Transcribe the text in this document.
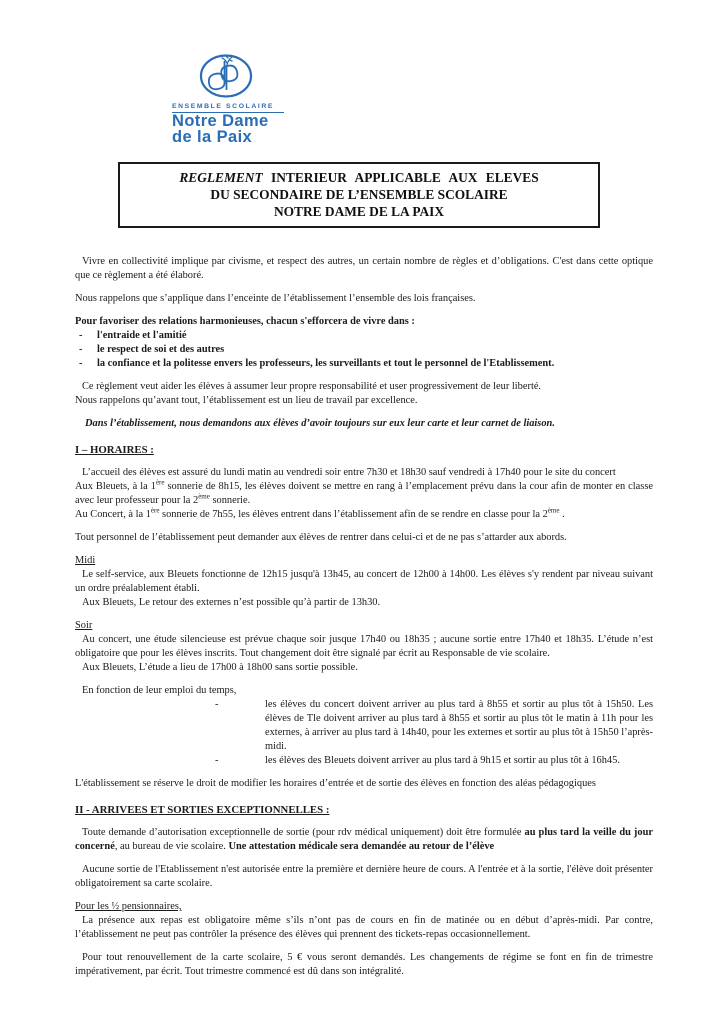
ENSEMBLE SCOLAIRE
Notre Dame
de la Paix
REGLEMENT INTERIEUR APPLICABLE AUX ELEVES
DU SECONDAIRE DE L’ENSEMBLE SCOLAIRE
NOTRE DAME DE LA PAIX

Vivre en collectivité implique par civisme, et respect des autres, un certain nombre de règles et d’obligations. C'est dans cette optique que ce règlement a été élaboré.

Nous rappelons que s’applique dans l’enceinte de l’établissement l’ensemble des lois françaises.

Pour favoriser des relations harmonieuses, chacun s'efforcera de vivre dans :

-	l'entraide et l'amitié
-	le respect de soi et des autres
-	la confiance et la politesse envers les professeurs, les surveillants et tout le personnel de l'Etablissement.

Ce règlement veut aider les élèves à assumer leur propre responsabilité et user progressivement de leur liberté.

Nous rappelons qu’avant tout, l’établissement est un lieu de travail par excellence.

Dans l’établissement, nous demandons aux élèves d’avoir toujours sur eux leur carte et leur carnet de liaison.

I – HORAIRES :

L’accueil des élèves est assuré du lundi matin au vendredi soir entre 7h30 et 18h30 sauf vendredi à 17h40 pour le site du concert

Aux Bleuets, à la 1ère sonnerie de 8h15, les élèves doivent se mettre en rang à l’emplacement prévu dans la cour afin de monter en classe avec leur professeur pour la 2ème sonnerie.

Au Concert, à la 1ère sonnerie de 7h55, les élèves entrent dans l’établissement afin de se rendre en classe pour la 2ème .

Tout personnel de l’établissement peut demander aux élèves de rentrer dans celui-ci et de ne pas s’attarder aux abords.

Midi

Le self-service, aux Bleuets fonctionne de 12h15 jusqu'à 13h45, au concert de 12h00 à 14h00. Les élèves s'y rendent par niveau suivant un ordre préalablement établi.

Aux Bleuets, Le retour des externes n’est possible qu’à partir de 13h30.

Soir

Au concert, une étude silencieuse est prévue chaque soir jusque 17h40 ou 18h35 ; aucune sortie entre 17h40 et 18h35. L’étude n’est obligatoire que pour les élèves inscrits. Tout changement doit être signalé par écrit au Responsable de vie scolaire.

Aux Bleuets, L’étude a lieu de 17h00 à 18h00 sans sortie possible.

En fonction de leur emploi du temps,

-	les élèves du concert doivent arriver au plus tard à 8h55 et sortir au plus tôt à 15h50. Les élèves de Tle doivent arriver au plus tard à 8h55 et sortir au plus tôt le matin à 11h pour les externes, à arriver au plus tard à 14h40, pour les externes et sortir au plus tôt à 15h50 l’après-midi.
-	les élèves des Bleuets doivent arriver au plus tard à 9h15 et sortir au plus tôt à 16h45.

L'établissement se réserve le droit de modifier les horaires d’entrée et de sortie des élèves en fonction des aléas pédagogiques

II - ARRIVEES ET SORTIES EXCEPTIONNELLES :

Toute demande d’autorisation exceptionnelle de sortie (pour rdv médical uniquement) doit être formulée au plus tard la veille du jour concerné, au bureau de vie scolaire. Une attestation médicale sera demandée au retour de l’élève

Aucune sortie de l'Etablissement n'est autorisée entre la première et dernière heure de cours. A l'entrée et à la sortie, l'élève doit présenter obligatoirement sa carte scolaire.

Pour les ½ pensionnaires,

La présence aux repas est obligatoire même s’ils n’ont pas de cours en fin de matinée ou en début d’après-midi. Par contre, l’établissement ne peut pas contrôler la présence des élèves qui prennent des tickets-repas occasionnellement.

Pour tout renouvellement de la carte scolaire, 5 € vous seront demandés. Les changements de régime se font en fin de trimestre impérativement, par écrit. Tout trimestre commencé est dû dans son intégralité.
